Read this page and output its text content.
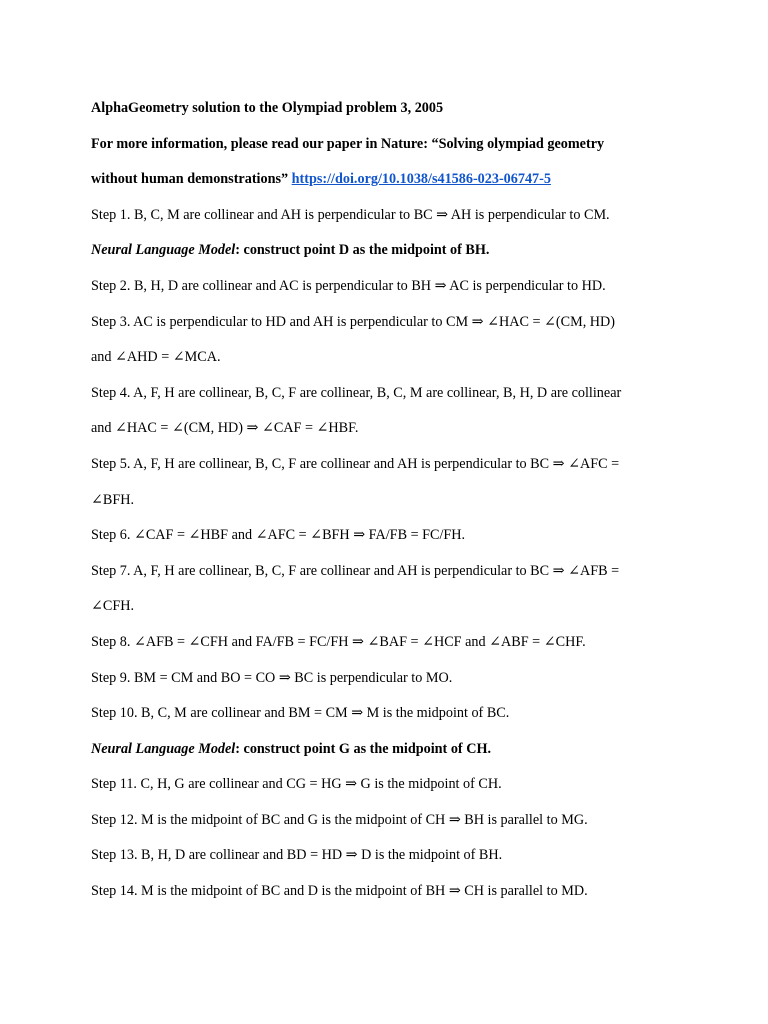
AlphaGeometry solution to the Olympiad problem 3, 2005
For more information, please read our paper in Nature: “Solving olympiad geometry
without human demonstrations” https://doi.org/10.1038/s41586-023-06747-5
Step 1. B, C, M are collinear and AH is perpendicular to BC ⇒ AH is perpendicular to CM.
Neural Language Model: construct point D as the midpoint of BH.
Step 2. B, H, D are collinear and AC is perpendicular to BH ⇒ AC is perpendicular to HD.
Step 3. AC is perpendicular to HD and AH is perpendicular to CM ⇒ ∠HAC = ∠(CM, HD)
and ∠AHD = ∠MCA.
Step 4. A, F, H are collinear, B, C, F are collinear, B, C, M are collinear, B, H, D are collinear
and ∠HAC = ∠(CM, HD) ⇒ ∠CAF = ∠HBF.
Step 5. A, F, H are collinear, B, C, F are collinear and AH is perpendicular to BC ⇒ ∠AFC =
∠BFH.
Step 6. ∠CAF = ∠HBF and ∠AFC = ∠BFH ⇒ FA/FB = FC/FH.
Step 7. A, F, H are collinear, B, C, F are collinear and AH is perpendicular to BC ⇒ ∠AFB =
∠CFH.
Step 8. ∠AFB = ∠CFH and FA/FB = FC/FH ⇒ ∠BAF = ∠HCF and ∠ABF = ∠CHF.
Step 9. BM = CM and BO = CO ⇒ BC is perpendicular to MO.
Step 10. B, C, M are collinear and BM = CM ⇒ M is the midpoint of BC.
Neural Language Model: construct point G as the midpoint of CH.
Step 11. C, H, G are collinear and CG = HG ⇒ G is the midpoint of CH.
Step 12. M is the midpoint of BC and G is the midpoint of CH ⇒ BH is parallel to MG.
Step 13. B, H, D are collinear and BD = HD ⇒ D is the midpoint of BH.
Step 14. M is the midpoint of BC and D is the midpoint of BH ⇒ CH is parallel to MD.
